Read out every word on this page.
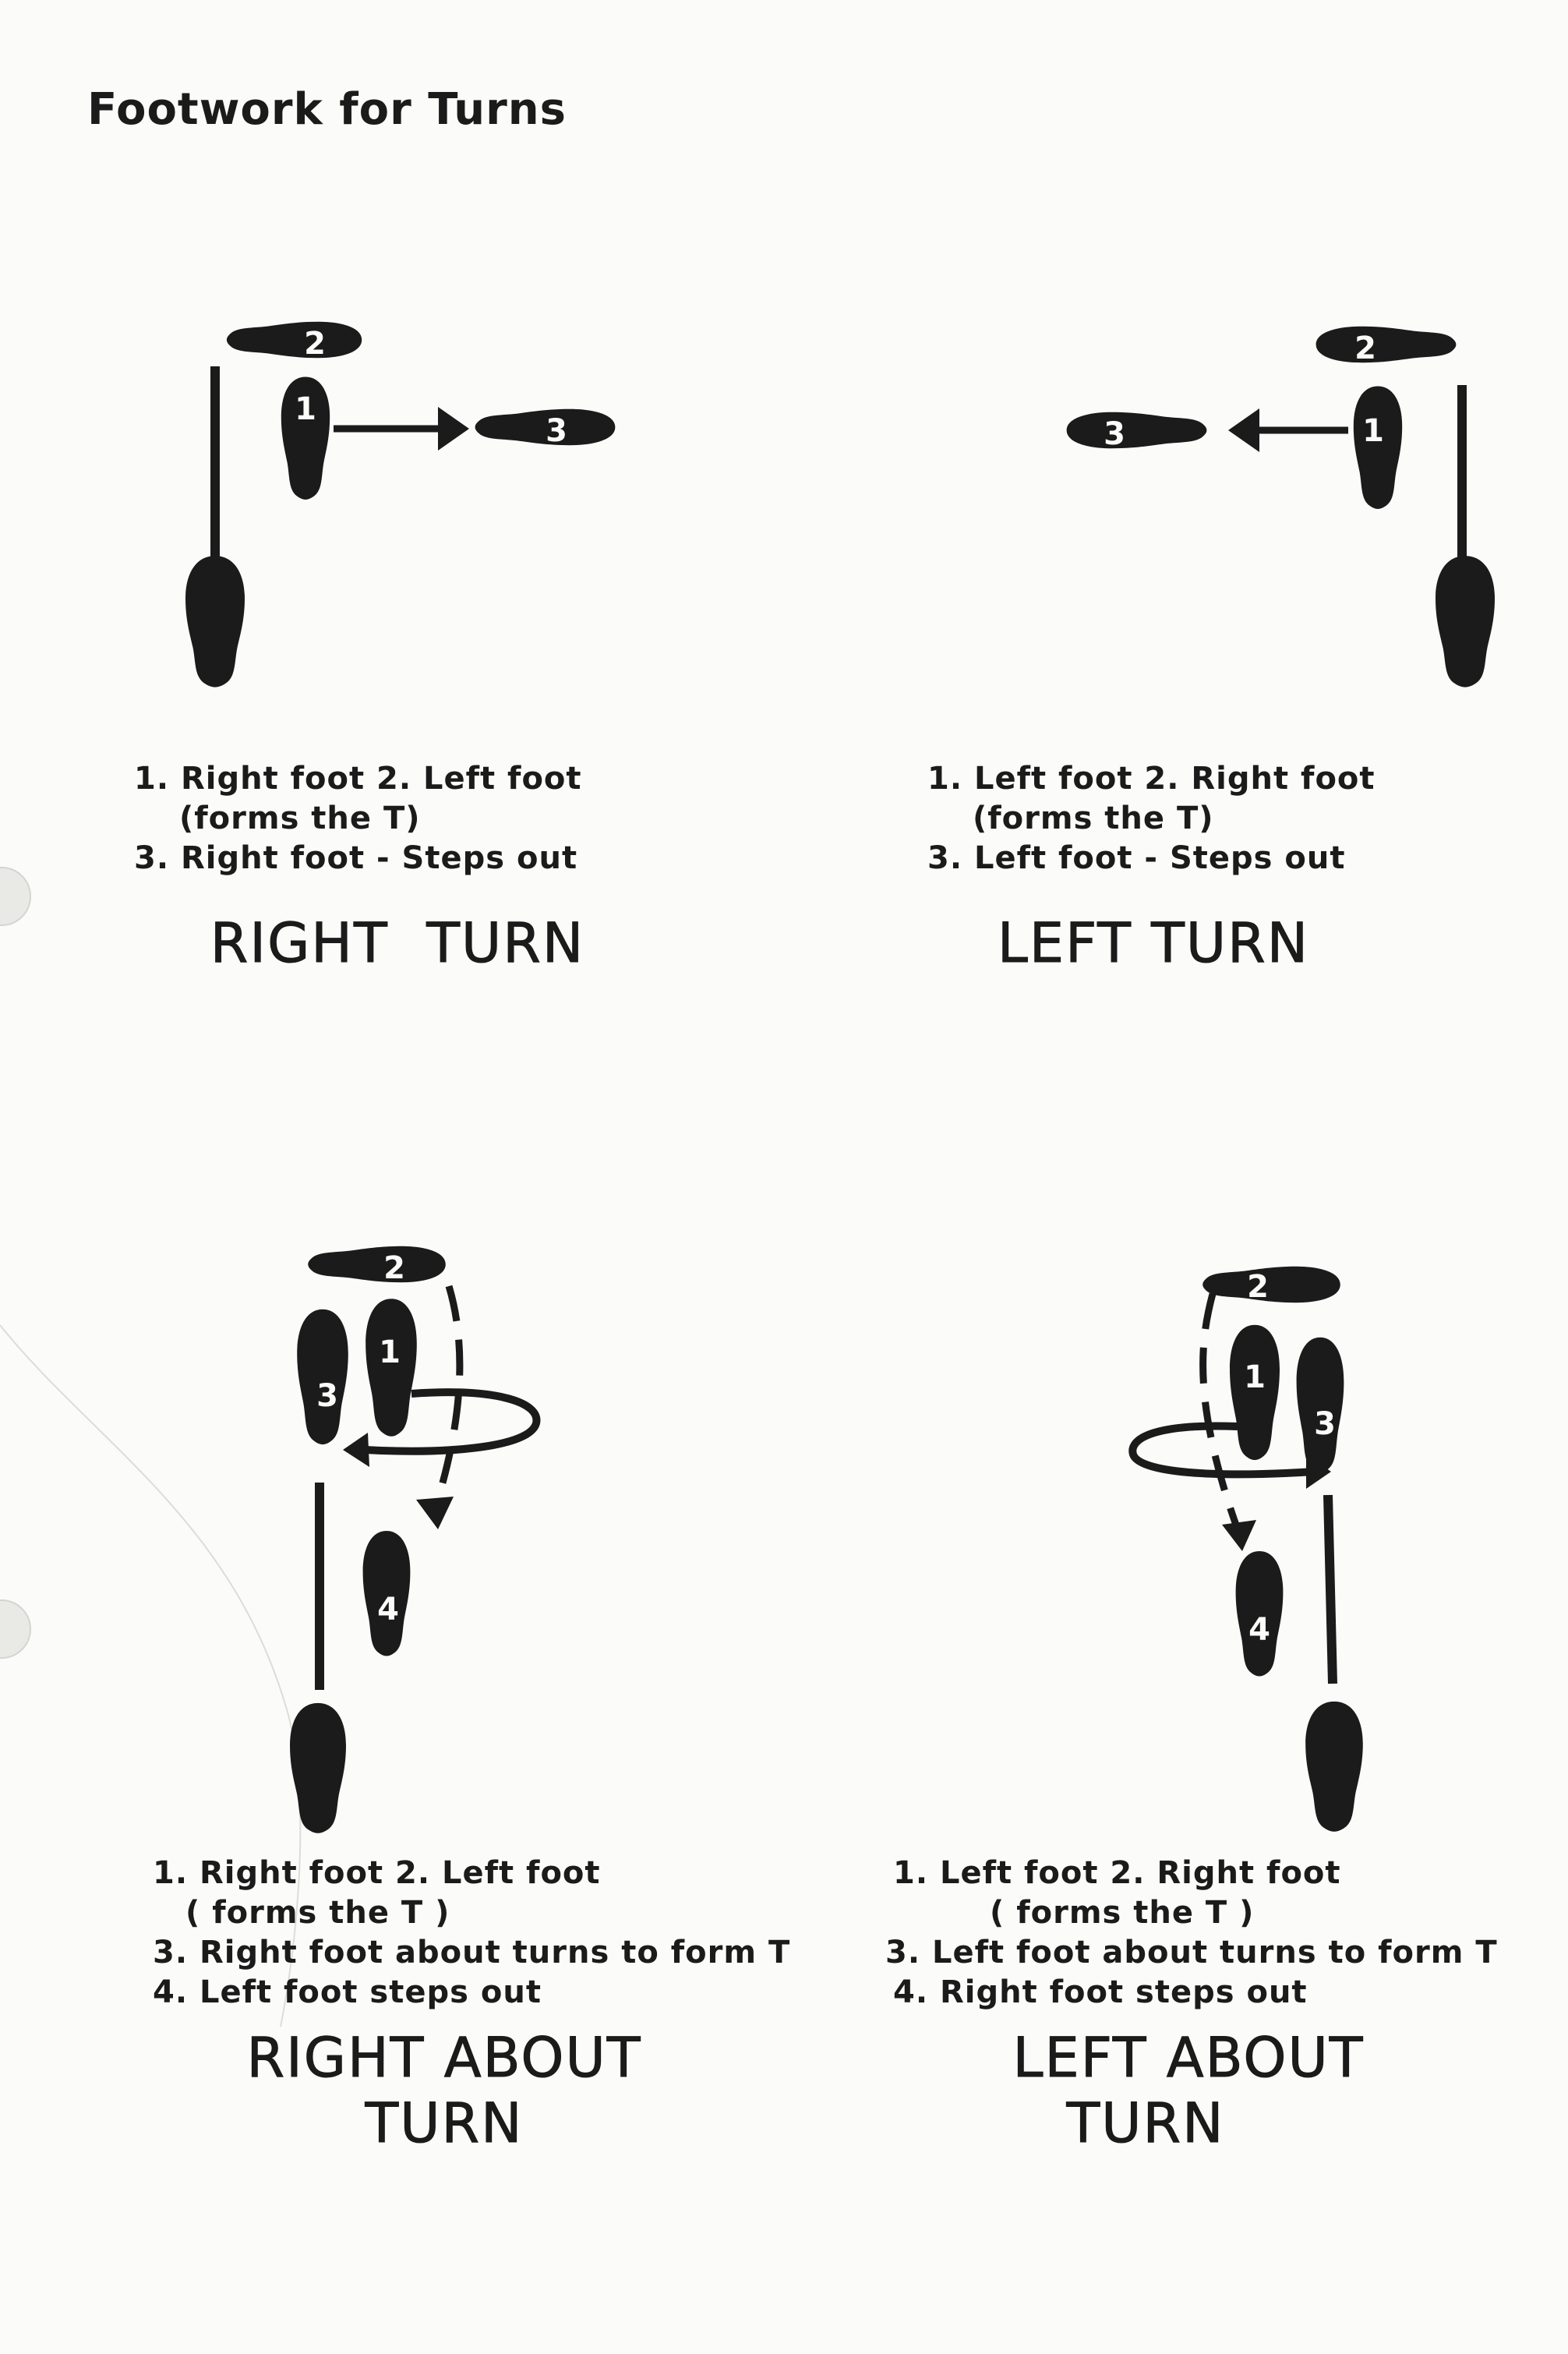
Footwork for Turns
1
2
3	1
2
3
2
3
1
4
2
1
3
4
1. Right foot 2. Left foot
(forms the T)
3. Right foot - Steps out
RIGHT  TURN
1. Left foot 2. Right foot
(forms the T)
3. Left foot - Steps out
LEFT TURN
1. Right foot 2. Left foot
( forms the T )
3. Right foot about turns to form T
4. Left foot steps out
RIGHT ABOUT
TURN
1. Left foot 2. Right foot
( forms the T )
3. Left foot about turns to form T
4. Right foot steps out
LEFT ABOUT
TURN
